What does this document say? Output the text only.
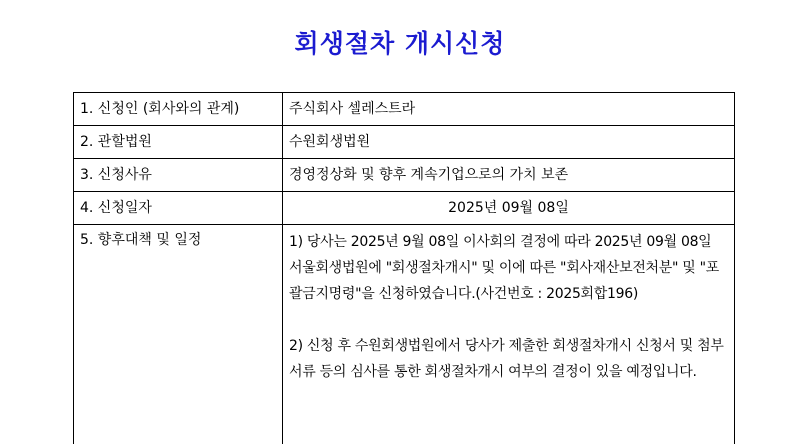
회생절차 개시신청
1. 신청인 (회사와의 관계)	주식회사 셀레스트라
2. 관할법원	수원회생법원
3. 신청사유	경영정상화 및 향후 계속기업으로의 가치 보존
4. 신청일자	2025년 09월 08일
5. 향후대책 및 일정	1) 당사는 2025년 9월 08일 이사회의 결정에 따라 2025년 09월 08일 서울회생법원에 "회생절차개시" 및 이에 따른 "회사재산보전처분" 및 "포괄금지명령"을 신청하였습니다.(사건번호 : 2025회합196)

2) 신청 후 수원회생법원에서 당사가 제출한 회생절차개시 신청서 및 첨부서류 등의 심사를 통한 회생절차개시 여부의 결정이 있을 예정입니다.
